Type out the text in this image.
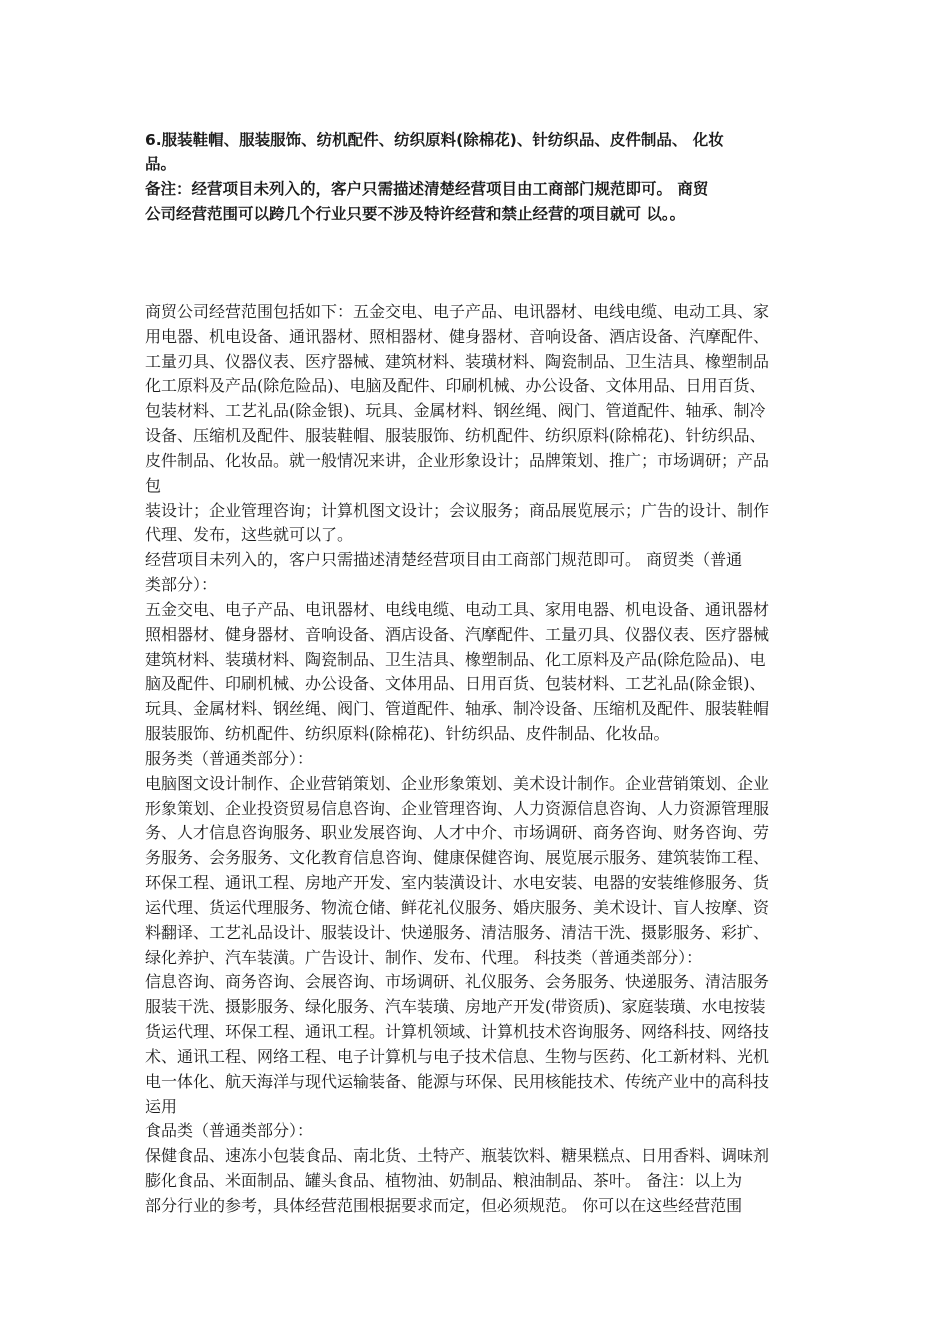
6.服装鞋帽、服装服饰、纺机配件、纺织原料(除棉花)、针纺织品、皮件制品、 化妆
品。
备注：经营项目未列入的，客户只需描述清楚经营项目由工商部门规范即可。 商贸
公司经营范围可以跨几个行业只要不涉及特许经营和禁止经营的项目就可 以。。
商贸公司经营范围包括如下：五金交电、电子产品、电讯器材、电线电缆、电动工具、家
用电器、机电设备、通讯器材、照相器材、健身器材、音响设备、酒店设备、汽摩配件、
工量刃具、仪器仪表、医疗器械、建筑材料、装璜材料、陶瓷制品、卫生洁具、橡塑制品
化工原料及产品(除危险品)、电脑及配件、印刷机械、办公设备、文体用品、日用百货、
包装材料、工艺礼品(除金银)、玩具、金属材料、钢丝绳、阀门、管道配件、轴承、制冷
设备、压缩机及配件、服装鞋帽、服装服饰、纺机配件、纺织原料(除棉花)、针纺织品、
皮件制品、化妆品。就一般情况来讲，企业形象设计；品牌策划、推广；市场调研；产品
包
装设计；企业管理咨询；计算机图文设计；会议服务；商品展览展示；广告的设计、制作
代理、发布，这些就可以了。
经营项目未列入的，客户只需描述清楚经营项目由工商部门规范即可。 商贸类（普通
类部分）：
五金交电、电子产品、电讯器材、电线电缆、电动工具、家用电器、机电设备、通讯器材
照相器材、健身器材、音响设备、酒店设备、汽摩配件、工量刃具、仪器仪表、医疗器械
建筑材料、装璜材料、陶瓷制品、卫生洁具、橡塑制品、化工原料及产品(除危险品)、电
脑及配件、印刷机械、办公设备、文体用品、日用百货、包装材料、工艺礼品(除金银)、
玩具、金属材料、钢丝绳、阀门、管道配件、轴承、制冷设备、压缩机及配件、服装鞋帽
服装服饰、纺机配件、纺织原料(除棉花)、针纺织品、皮件制品、化妆品。
服务类（普通类部分）：
电脑图文设计制作、企业营销策划、企业形象策划、美术设计制作。企业营销策划、企业
形象策划、企业投资贸易信息咨询、企业管理咨询、人力资源信息咨询、人力资源管理服
务、人才信息咨询服务、职业发展咨询、人才中介、市场调研、商务咨询、财务咨询、劳
务服务、会务服务、文化教育信息咨询、健康保健咨询、展览展示服务、建筑装饰工程、
环保工程、通讯工程、房地产开发、室内装潢设计、水电安装、电器的安装维修服务、货
运代理、货运代理服务、物流仓储、鲜花礼仪服务、婚庆服务、美术设计、盲人按摩、资
料翻译、工艺礼品设计、服装设计、快递服务、清洁服务、清洁干洗、摄影服务、彩扩、
绿化养护、汽车装潢。广告设计、制作、发布、代理。 科技类（普通类部分）：
信息咨询、商务咨询、会展咨询、市场调研、礼仪服务、会务服务、快递服务、清洁服务
服装干洗、摄影服务、绿化服务、汽车装璜、房地产开发(带资质)、家庭装璜、水电按装
货运代理、环保工程、通讯工程。计算机领域、计算机技术咨询服务、网络科技、网络技
术、通讯工程、网络工程、电子计算机与电子技术信息、生物与医药、化工新材料、光机
电一体化、航天海洋与现代运输装备、能源与环保、民用核能技术、传统产业中的高科技
运用
食品类（普通类部分）：
保健食品、速冻小包装食品、南北货、土特产、瓶装饮料、糖果糕点、日用香料、调味剂
膨化食品、米面制品、罐头食品、植物油、奶制品、粮油制品、茶叶。 备注：以上为
部分行业的参考，具体经营范围根据要求而定，但必须规范。 你可以在这些经营范围
